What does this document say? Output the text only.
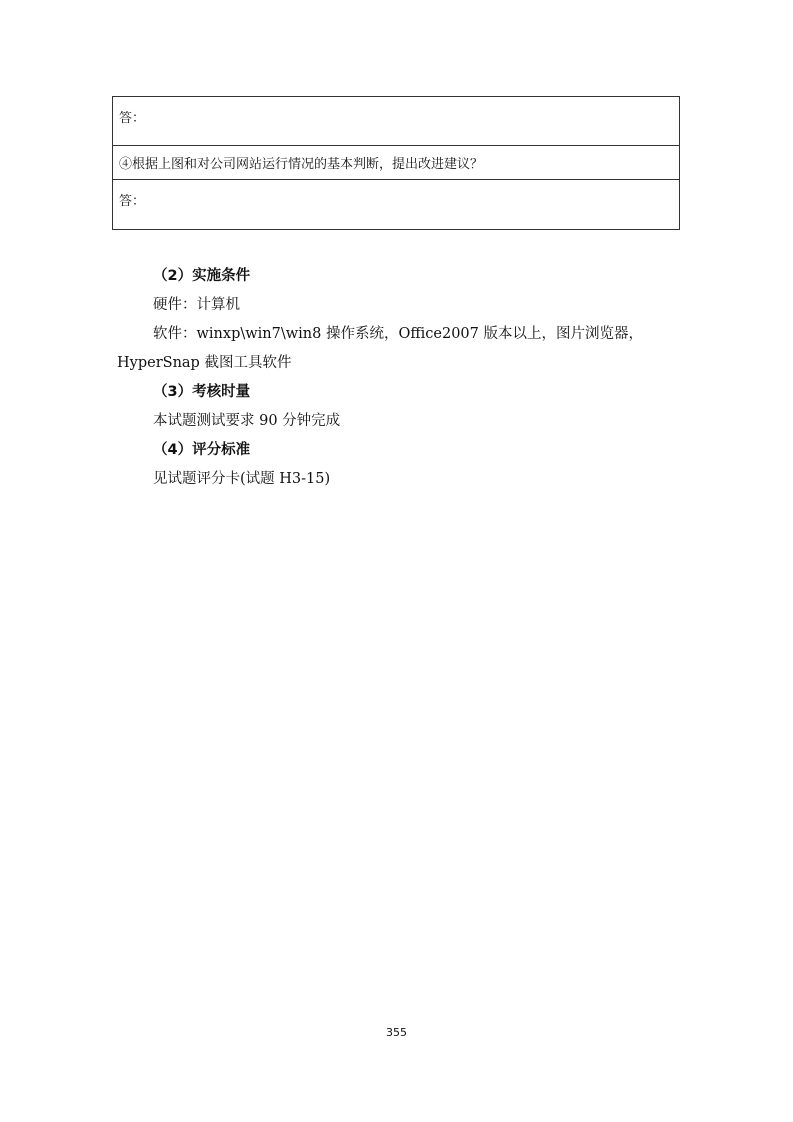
答：
④根据上图和对公司网站运行情况的基本判断，提出改进建议？
答：
（2）实施条件
硬件：计算机
软件：winxp\win7\win8 操作系统，Office2007 版本以上，图片浏览器，
HyperSnap 截图工具软件
（3）考核时量
本试题测试要求 90 分钟完成
（4）评分标准
见试题评分卡(试题 H3-15)
355
